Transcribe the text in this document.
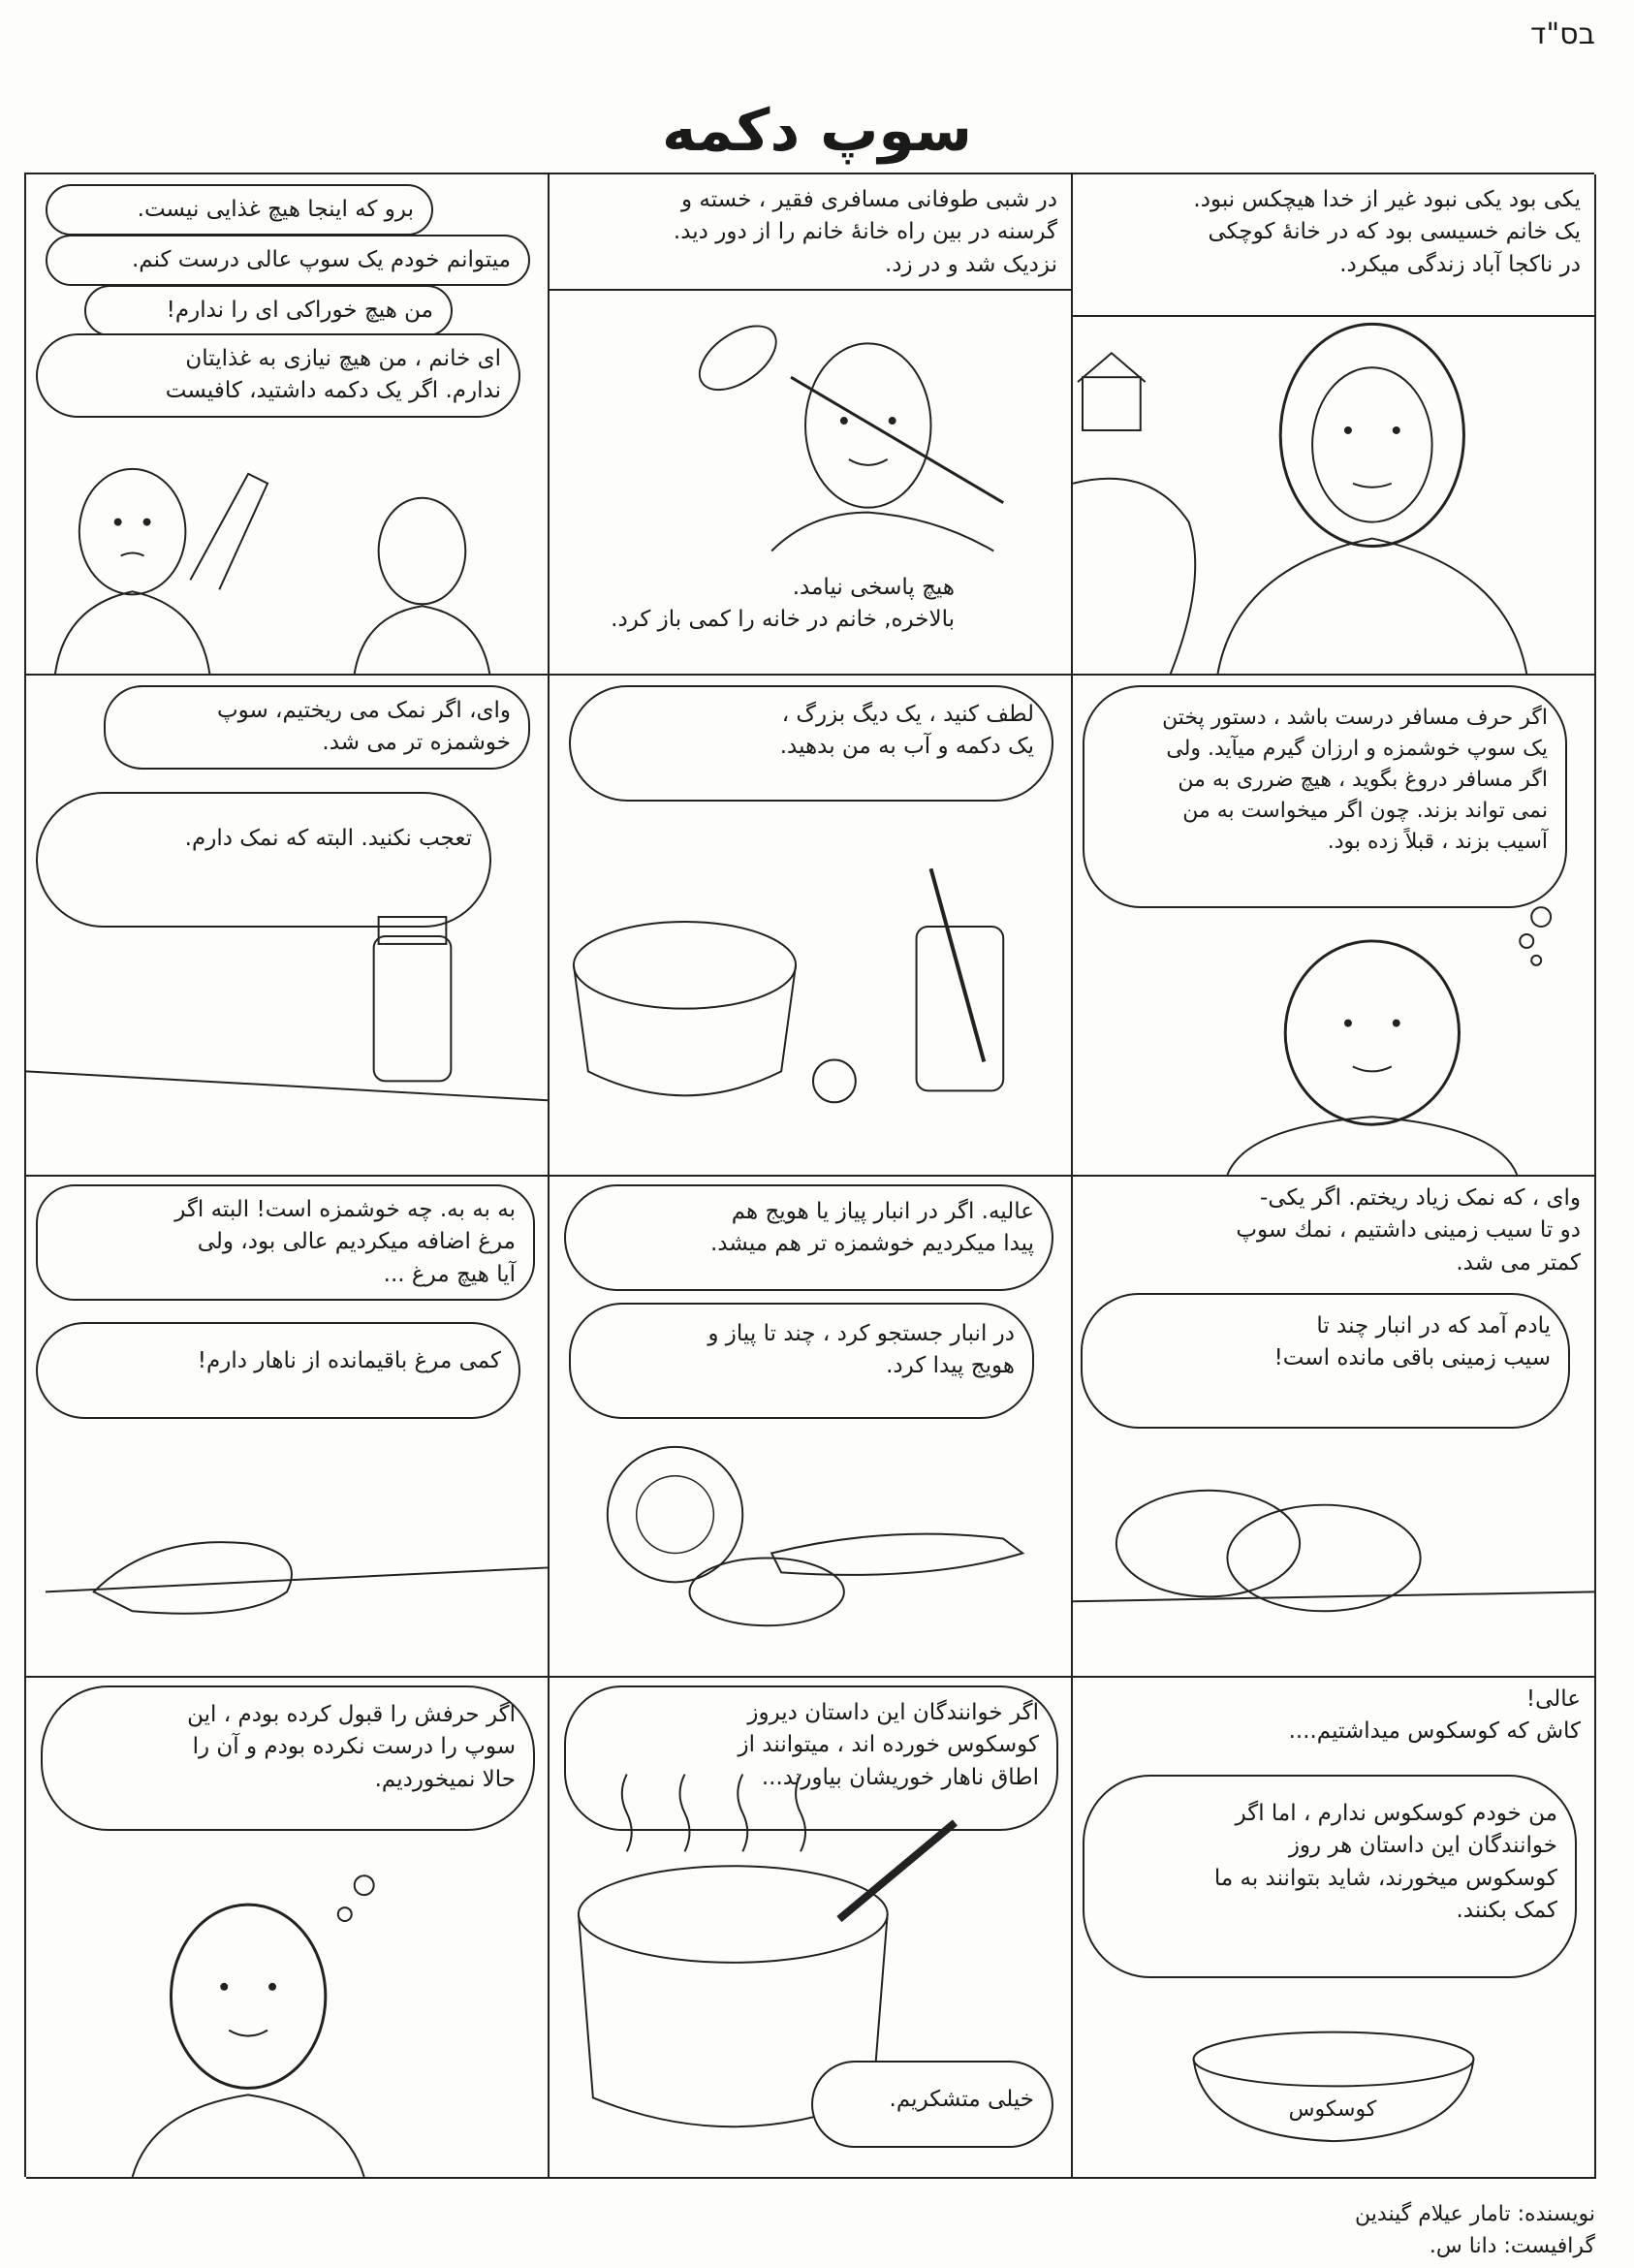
בס"ד
سوپ دکمه
برو که اینجا هیچ غذایی نیست.
میتوانم خودم یک سوپ عالی درست کنم.
من هیچ خوراکی ای را ندارم!
ای خانم ، من هیچ نیازی به غذایتان
ندارم. اگر یک دکمه داشتید، کافیست
در شبی طوفانی مسافری فقیر ، خسته و
گرسنه در بین راه خانهٔ خانم را از دور دید.
نزدیک شد و در زد.
هیچ پاسخی نیامد.
بالاخره, خانم در خانه را کمی باز کرد.
یکی بود یکی نبود غیر از خدا هیچکس نبود.
یک خانم خسیسی بود که در خانهٔ کوچکی
در ناکجا آباد زندگی میکرد.
وای، اگر نمک می ریختیم، سوپ
خوشمزه تر می شد.
تعجب نکنید. البته که نمک دارم.
لطف کنید ، یک دیگ بزرگ ،
یک دکمه و آب به من بدهید.
اگر حرف مسافر درست باشد ، دستور پختن
یک سوپ خوشمزه و ارزان گیرم میآید. ولی
اگر مسافر دروغ بگوید ، هیچ ضرری به من
نمی تواند بزند. چون اگر میخواست به من
آسیب بزند ، قبلاً زده بود.
به به به. چه خوشمزه است! البته اگر
مرغ اضافه میکردیم عالی بود، ولی
آیا هیچ مرغ ...
کمی مرغ باقیمانده از ناهار دارم!
عالیه. اگر در انبار پیاز یا هویج هم
پیدا میکردیم خوشمزه تر هم میشد.
در انبار جستجو کرد ، چند تا پیاز و
هویج پیدا کرد.
وای ، که نمک زیاد ریختم. اگر یکی-
دو تا سیب زمینی داشتیم ، نمك سوپ
کمتر می شد.
یادم آمد که در انبار چند تا
سیب زمینی باقی مانده است!
اگر حرفش را قبول کرده بودم ، این
سوپ را درست نکرده بودم و آن را
حالا نمیخوردیم.
اگر خوانندگان این داستان دیروز
کوسکوس خورده اند ، میتوانند از
اطاق ناهار خوریشان بیاورند...
خیلی متشکریم.
عالی!
کاش که کوسکوس میداشتیم....
من خودم کوسکوس ندارم ، اما اگر
خوانندگان این داستان هر روز
کوسکوس میخورند، شاید بتوانند به ما
کمک بکنند.
کوسکوس
نویسنده: تامار عیلام گیندین
گرافیست: دانا س.
